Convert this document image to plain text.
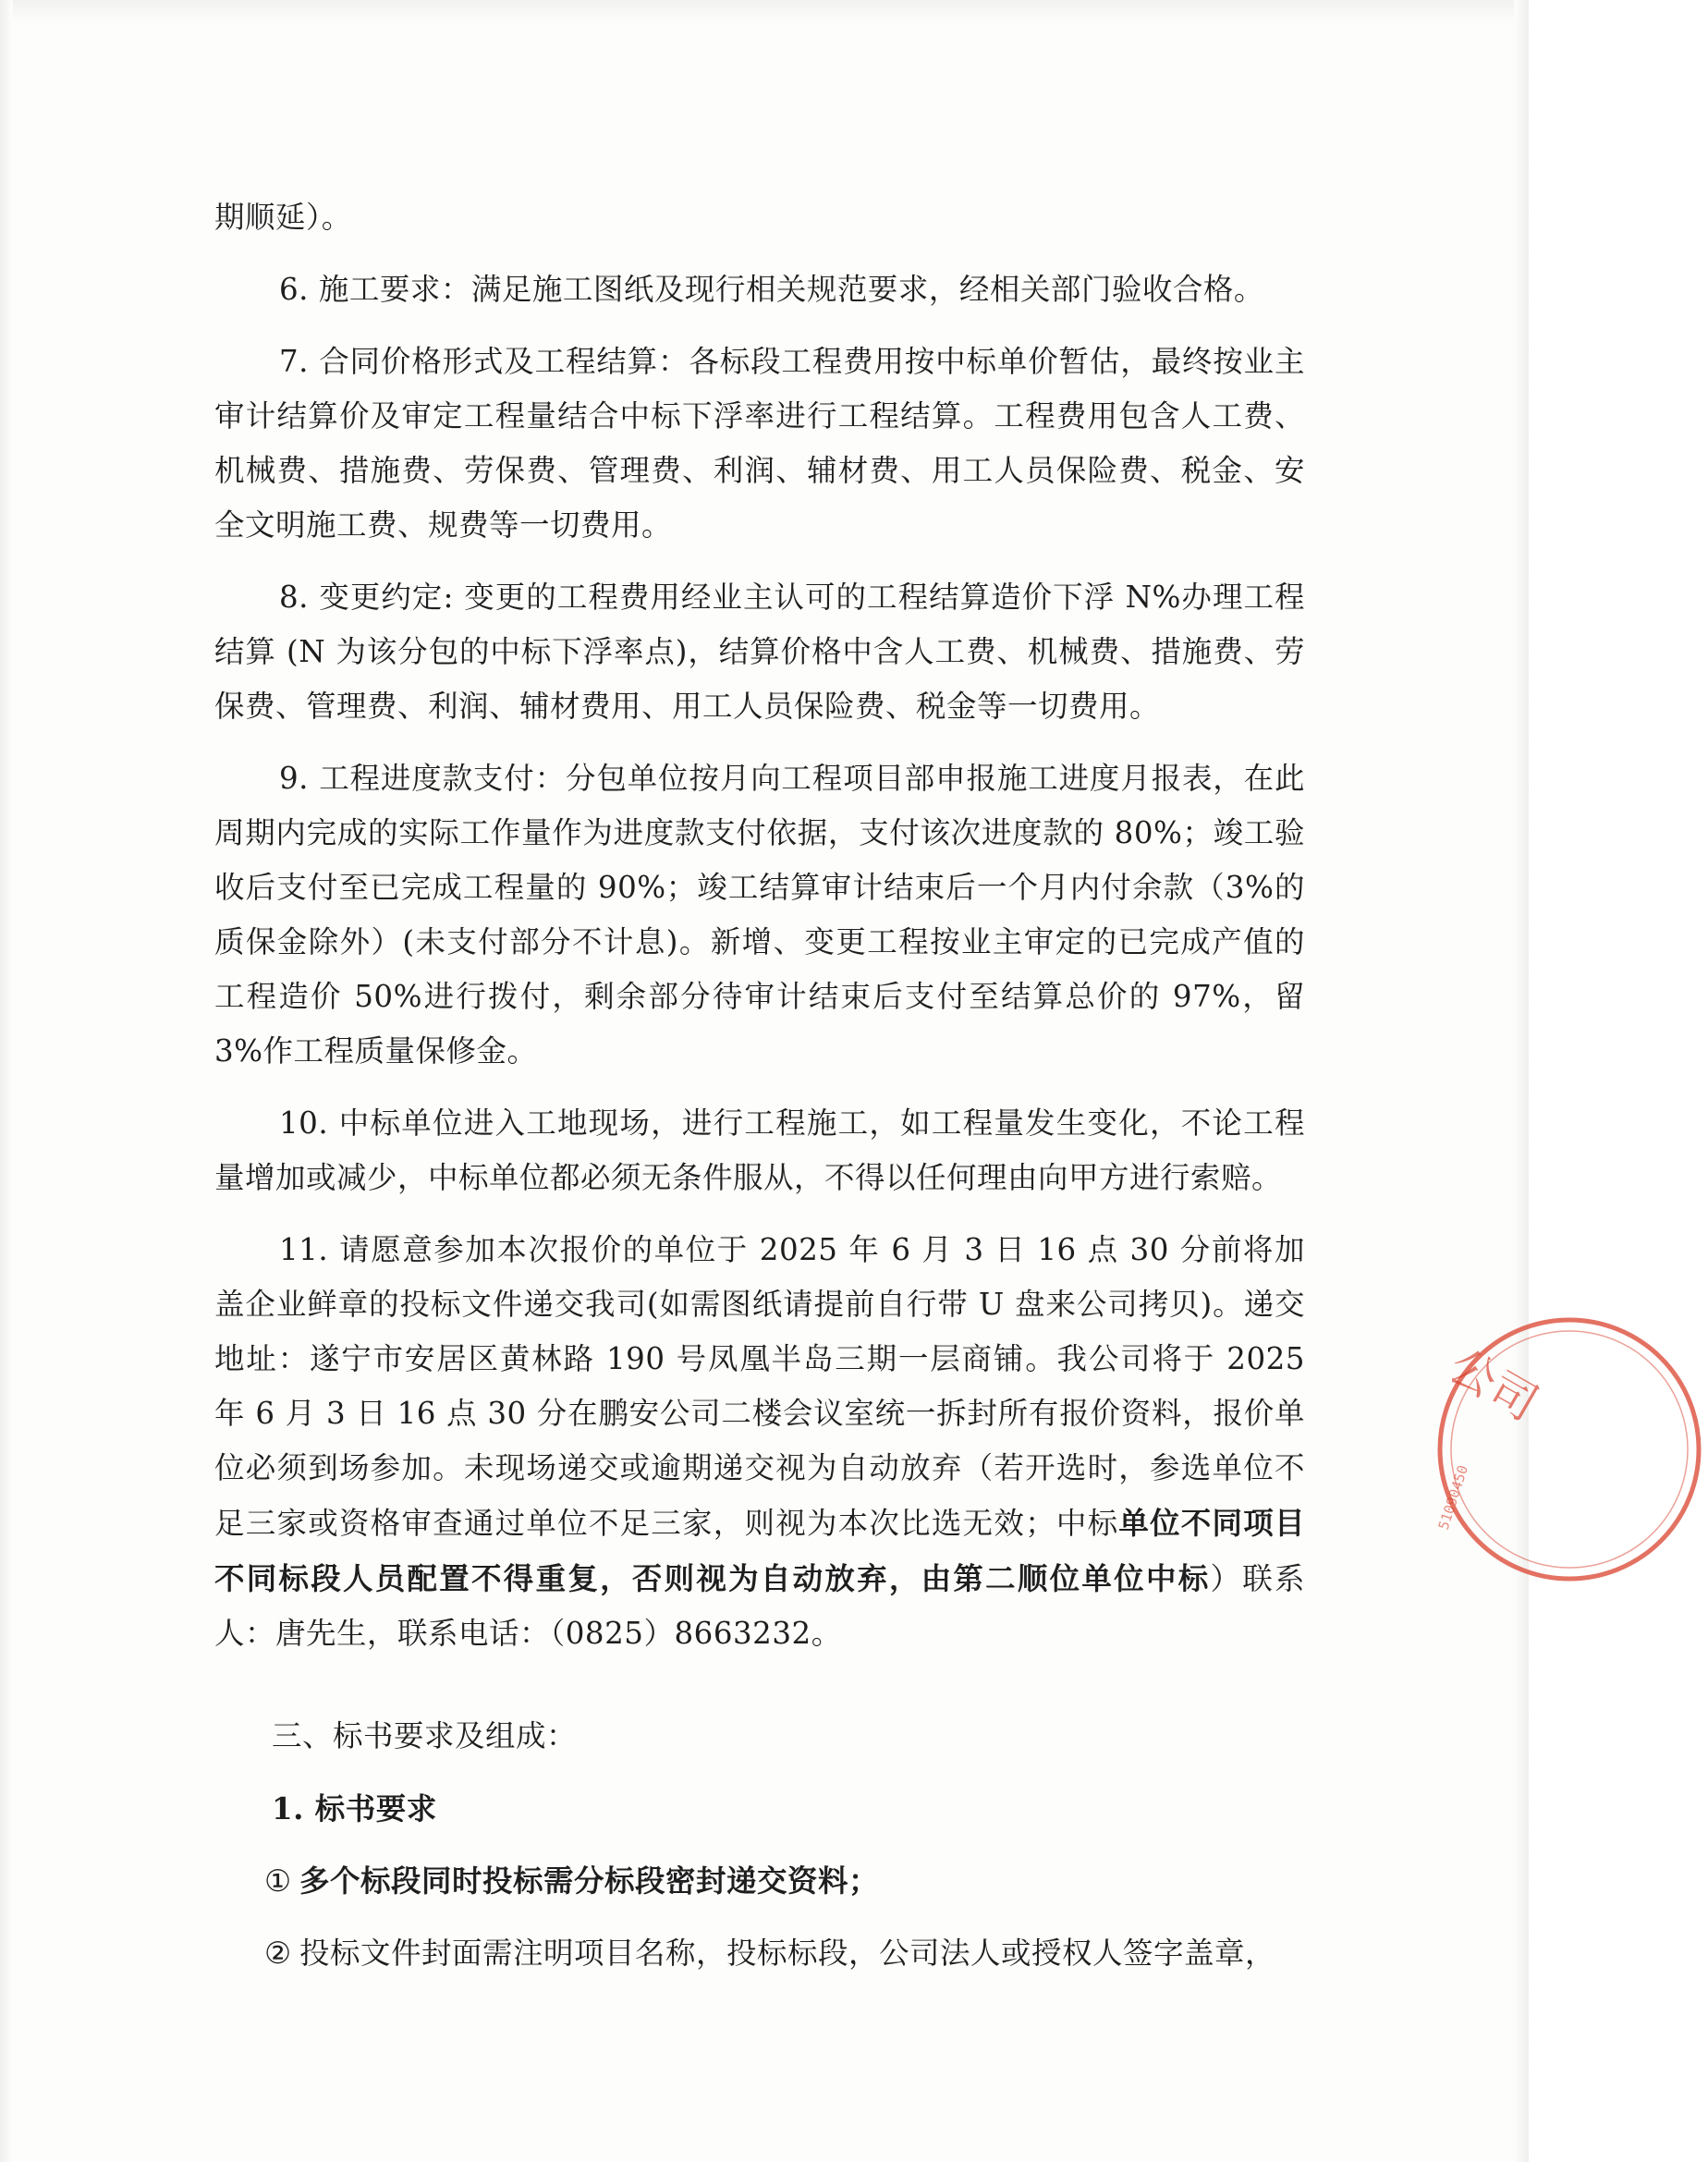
期顺延）。

6. 施工要求：满足施工图纸及现行相关规范要求，经相关部门验收合格。

7. 合同价格形式及工程结算：各标段工程费用按中标单价暂估，最终按业主审计结算价及审定工程量结合中标下浮率进行工程结算。工程费用包含人工费、机械费、措施费、劳保费、管理费、利润、辅材费、用工人员保险费、税金、安全文明施工费、规费等一切费用。

8. 变更约定: 变更的工程费用经业主认可的工程结算造价下浮 N%办理工程结算 (N 为该分包的中标下浮率点)，结算价格中含人工费、机械费、措施费、劳保费、管理费、利润、辅材费用、用工人员保险费、税金等一切费用。

9. 工程进度款支付：分包单位按月向工程项目部申报施工进度月报表，在此周期内完成的实际工作量作为进度款支付依据，支付该次进度款的 80%；竣工验收后支付至已完成工程量的 90%；竣工结算审计结束后一个月内付余款（3%的质保金除外）(未支付部分不计息)。新增、变更工程按业主审定的已完成产值的工程造价 50%进行拨付，剩余部分待审计结束后支付至结算总价的 97%，留 3%作工程质量保修金。

10. 中标单位进入工地现场，进行工程施工，如工程量发生变化，不论工程量增加或减少，中标单位都必须无条件服从，不得以任何理由向甲方进行索赔。

11. 请愿意参加本次报价的单位于 2025 年 6 月 3 日 16 点 30 分前将加盖企业鲜章的投标文件递交我司(如需图纸请提前自行带 U 盘来公司拷贝)。递交地址：遂宁市安居区黄林路 190 号凤凰半岛三期一层商铺。我公司将于 2025 年 6 月 3 日 16 点 30 分在鹏安公司二楼会议室统一拆封所有报价资料，报价单位必须到场参加。未现场递交或逾期递交视为自动放弃（若开选时，参选单位不足三家或资格审查通过单位不足三家，则视为本次比选无效；中标单位不同项目不同标段人员配置不得重复，否则视为自动放弃，由第二顺位单位中标）联系人：唐先生，联系电话：（0825）8663232。

三、标书要求及组成：

1. 标书要求

① 多个标段同时投标需分标段密封递交资料；

② 投标文件封面需注明项目名称，投标标段，公司法人或授权人签字盖章，

公司
51090450
